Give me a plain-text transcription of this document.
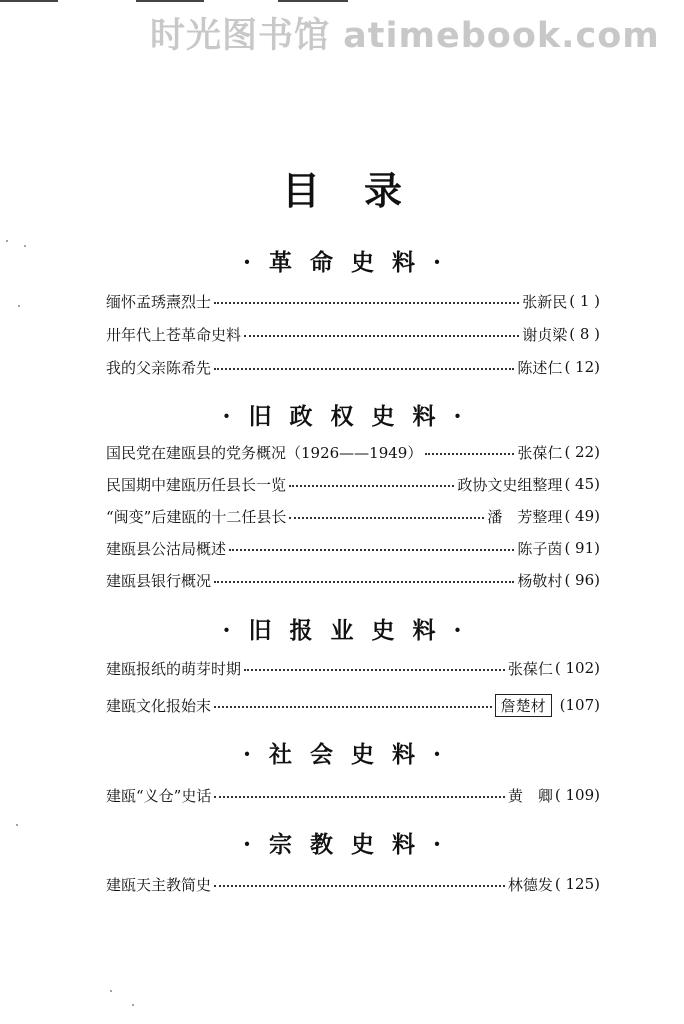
时光图书馆 atimebook.com
目录
·革命史料·
缅怀孟琇燾烈士	张新民 ( 1 )
卅年代上苍革命史料	谢贞梁 ( 8 )
我的父亲陈希先	陈述仁 ( 12)
·旧政权史料·
国民党在建瓯县的党务概况（1926——1949）	张葆仁 ( 22)
民国期中建瓯历任县长一览	政协文史组整理 ( 45)
“闽变”后建瓯的十二任县长	潘　芳整理 ( 49)
建瓯县公沽局概述	陈子茵 ( 91)
建瓯县银行概况	杨敬村 ( 96)
·旧报业史料·
建瓯报纸的萌芽时期	张葆仁 ( 102)
建瓯文化报始末	詹楚材 (107)
·社会史料·
建瓯“义仓”史话	黄　卿 ( 109)
·宗教史料·
建瓯天主教简史	林德发 ( 125)
